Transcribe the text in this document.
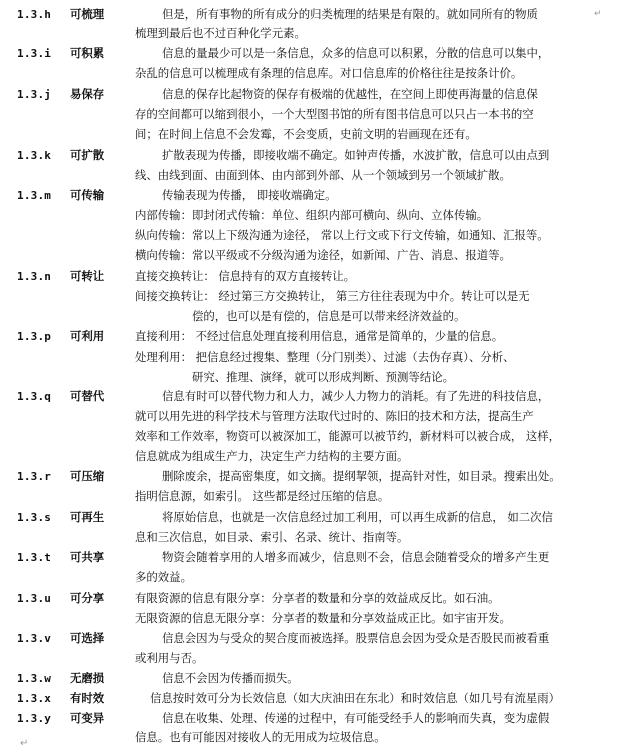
1.3.h 可梳理	但是，所有事物的所有成分的归类梳理的结果是有限的。就如同所有的物质	↵
梳理到最后也不过百种化学元素。
1.3.i 可积累	信息的量最少可以是一条信息，众多的信息可以积累，分散的信息可以集中，
杂乱的信息可以梳理成有条理的信息库。对口信息库的价格往往是按条计价。
1.3.j 易保存	信息的保存比起物资的保存有极端的优越性，在空间上即使再海量的信息保
存的空间都可以缩到很小，一个大型图书馆的所有图书信息可以只占一本书的空
间；在时间上信息不会发霉，不会变质，史前文明的岩画现在还有。
1.3.k 可扩散	扩散表现为传播，即接收端不确定。如钟声传播，水波扩散，信息可以由点到
线、由线到面、由面到体、由内部到外部、从一个领域到另一个领域扩散。
1.3.m 可传输	传输表现为传播， 即接收端确定。
内部传输：即封闭式传输：单位、组织内部可横向、纵向、立体传输。
纵向传输：常以上下级沟通为途径， 常以上行文或下行文传输，如通知、汇报等。
横向传输：常以平级或不分级沟通为途径，如新闻、广告、消息、报道等。
1.3.n 可转让	直接交换转让： 信息持有的双方直接转让。
间接交换转让： 经过第三方交换转让， 第三方往往表现为中介。转让可以是无
偿的，也可以是有偿的，信息是可以带来经济效益的。
1.3.p 可利用	直接利用： 不经过信息处理直接利用信息，通常是简单的，少量的信息。
处理利用： 把信息经过搜集、整理（分门别类）、过滤（去伪存真）、分析、
研究、推理、演绎，就可以形成判断、预测等结论。
1.3.q 可替代	信息有时可以替代物力和人力，减少人力物力的消耗。有了先进的科技信息，
就可以用先进的科学技术与管理方法取代过时的、陈旧的技术和方法，提高生产
效率和工作效率，物资可以被深加工，能源可以被节约，新材料可以被合成， 这样，
信息就成为组成生产力，决定生产力结构的主要方面。
1.3.r 可压缩	删除废余，提高密集度，如文摘。提纲挈领，提高针对性，如目录。搜索出处。
指明信息源，如索引。 这些都是经过压缩的信息。
1.3.s 可再生	将原始信息，也就是一次信息经过加工利用，可以再生成新的信息， 如二次信
息和三次信息，如目录、索引、名录、统计、指南等。
1.3.t 可共享	物资会随着享用的人增多而减少，信息则不会，信息会随着受众的增多产生更
多的效益。
1.3.u 可分享	有限资源的信息有限分享：分享者的数量和分享的效益成反比。如石油。
无限资源的信息无限分享：分享者的数量和分享效益成正比。如宇宙开发。
1.3.v 可选择	信息会因为与受众的契合度而被选择。股票信息会因为受众是否股民而被看重
或利用与否。
1.3.w 无磨损	信息不会因为传播而损失。
1.3.x 有时效	信息按时效可分为长效信息（如大庆油田在东北）和时效信息（如几号有流星雨）
1.3.y 可变异	信息在收集、处理、传递的过程中，有可能受经手人的影响而失真，变为虚假
信息。也有可能因对接收人的无用成为垃圾信息。
↵
